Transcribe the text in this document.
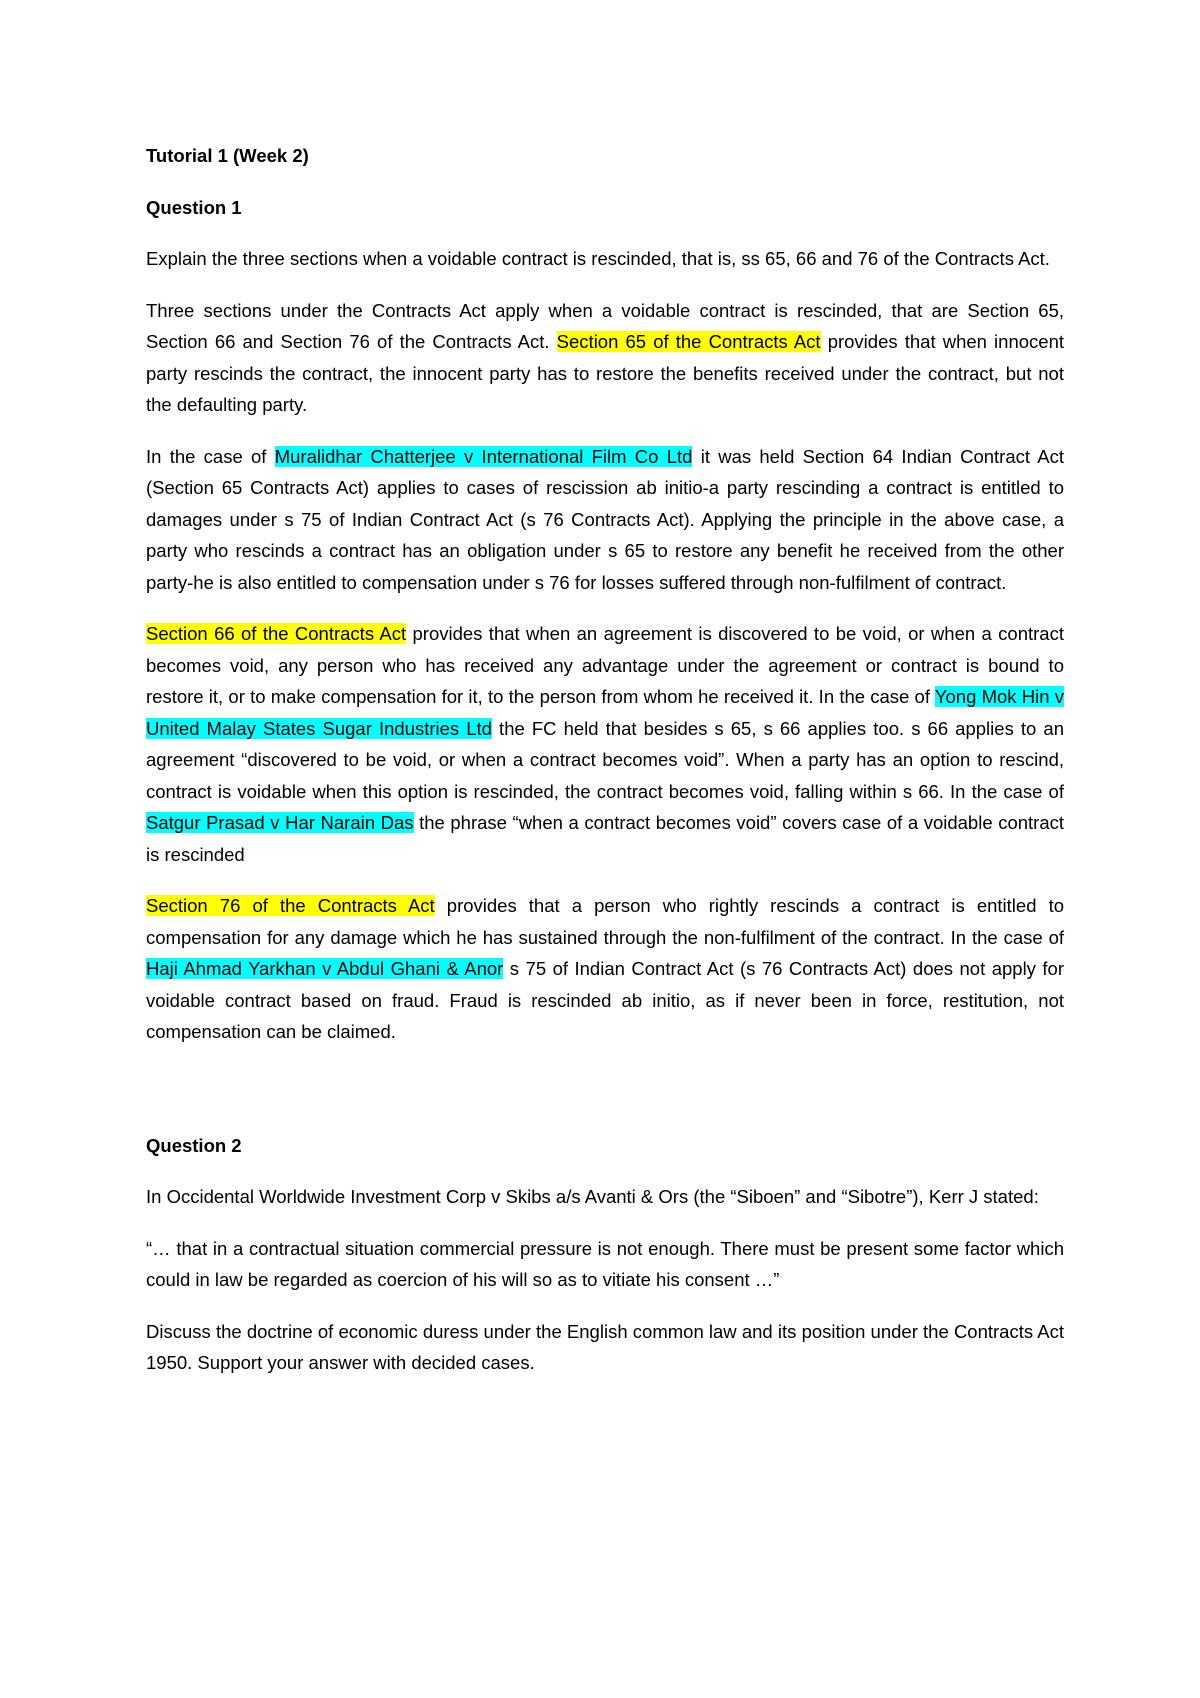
Tutorial 1 (Week 2)
Question 1

Explain the three sections when a voidable contract is rescinded, that is, ss 65, 66 and 76 of the Contracts Act.

Three sections under the Contracts Act apply when a voidable contract is rescinded, that are Section 65, Section 66 and Section 76 of the Contracts Act. Section 65 of the Contracts Act provides that when innocent party rescinds the contract, the innocent party has to restore the benefits received under the contract, but not the defaulting party.

In the case of Muralidhar Chatterjee v International Film Co Ltd it was held Section 64 Indian Contract Act (Section 65 Contracts Act) applies to cases of rescission ab initio-a party rescinding a contract is entitled to damages under s 75 of Indian Contract Act (s 76 Contracts Act). Applying the principle in the above case, a party who rescinds a contract has an obligation under s 65 to restore any benefit he received from the other party-he is also entitled to compensation under s 76 for losses suffered through non-fulfilment of contract.

Section 66 of the Contracts Act provides that when an agreement is discovered to be void, or when a contract becomes void, any person who has received any advantage under the agreement or contract is bound to restore it, or to make compensation for it, to the person from whom he received it. In the case of Yong Mok Hin v United Malay States Sugar Industries Ltd the FC held that besides s 65, s 66 applies too. s 66 applies to an agreement “discovered to be void, or when a contract becomes void”. When a party has an option to rescind, contract is voidable when this option is rescinded, the contract becomes void, falling within s 66. In the case of Satgur Prasad v Har Narain Das the phrase “when a contract becomes void” covers case of a voidable contract is rescinded

Section 76 of the Contracts Act provides that a person who rightly rescinds a contract is entitled to compensation for any damage which he has sustained through the non-fulfilment of the contract. In the case of Haji Ahmad Yarkhan v Abdul Ghani & Anor s 75 of Indian Contract Act (s 76 Contracts Act) does not apply for voidable contract based on fraud. Fraud is rescinded ab initio, as if never been in force, restitution, not compensation can be claimed.

Question 2

In Occidental Worldwide Investment Corp v Skibs a/s Avanti & Ors (the “Siboen” and “Sibotre”), Kerr J stated:

“… that in a contractual situation commercial pressure is not enough. There must be present some factor which could in law be regarded as coercion of his will so as to vitiate his consent …”

Discuss the doctrine of economic duress under the English common law and its position under the Contracts Act 1950. Support your answer with decided cases.
